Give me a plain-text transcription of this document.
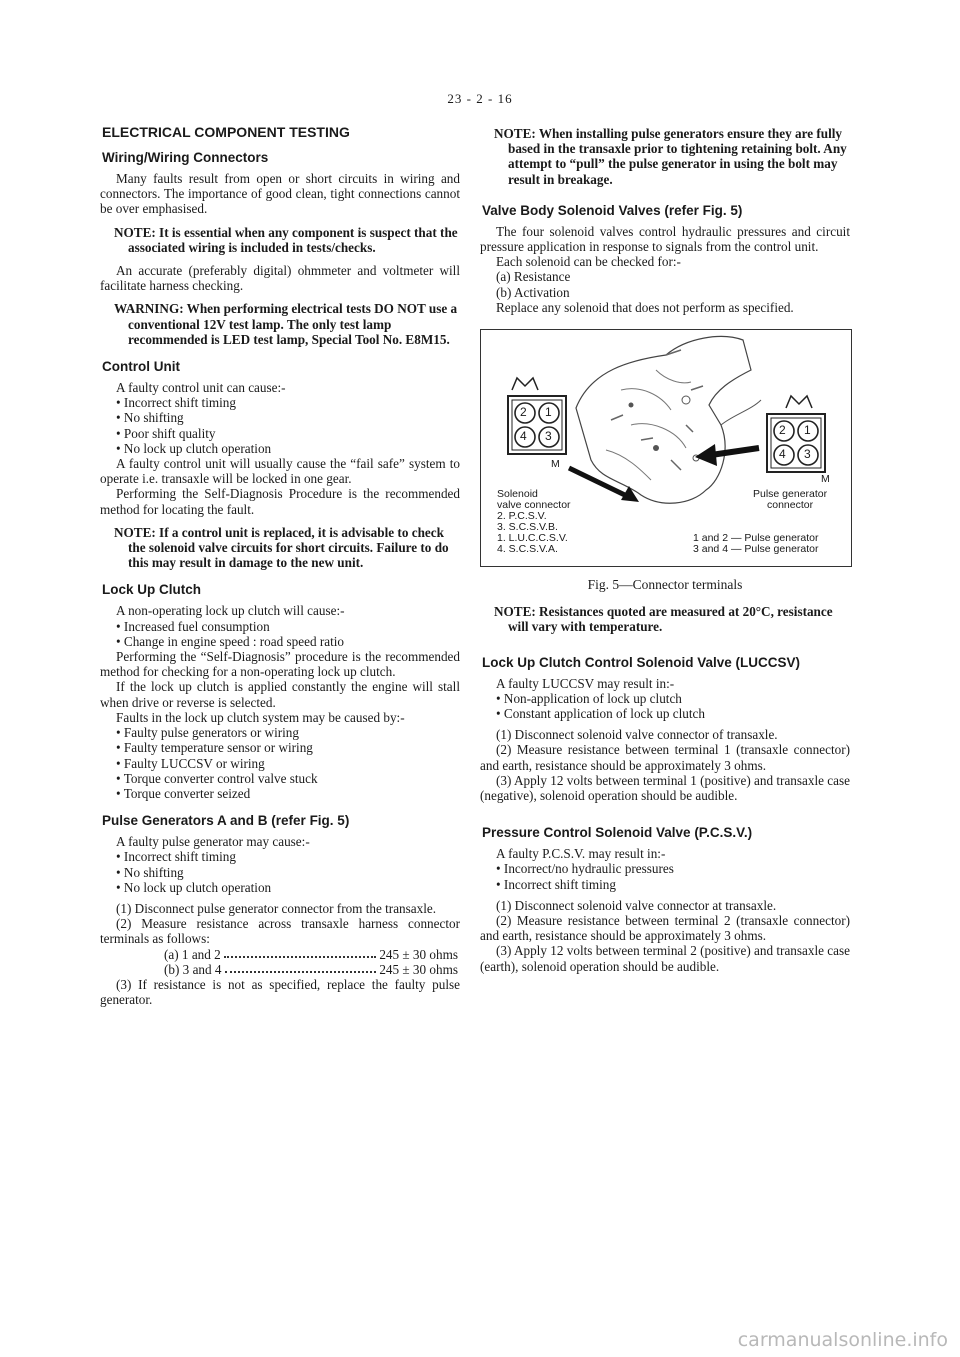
23 - 2 - 16
ELECTRICAL COMPONENT TESTING
Wiring/Wiring Connectors

Many faults result from open or short circuits in wiring and connectors. The importance of good clean, tight connections cannot be over emphasised.

NOTE: It is essential when any component is suspect that the associated wiring is included in tests/checks.

An accurate (preferably digital) ohmmeter and voltmeter will facilitate harness checking.

WARNING: When performing electrical tests DO NOT use a conventional 12V test lamp. The only test lamp recommended is LED test lamp, Special Tool No. E8M15.

Control Unit

A faulty control unit can cause:-

• Incorrect shift timing
• No shifting
• Poor shift quality
• No lock up clutch operation

A faulty control unit will usually cause the “fail safe” system to operate i.e. transaxle will be locked in one gear.

Performing the Self-Diagnosis Procedure is the recommended method for locating the fault.

NOTE: If a control unit is replaced, it is advisable to check the solenoid valve circuits for short circuits. Failure to do this may result in damage to the new unit.

Lock Up Clutch

A non-operating lock up clutch will cause:-

• Increased fuel consumption
• Change in engine speed : road speed ratio

Performing the “Self-Diagnosis” procedure is the recommended method for checking for a non-operating lock up clutch.

If the lock up clutch is applied constantly the engine will stall when drive or reverse is selected.

Faults in the lock up clutch system may be caused by:-

• Faulty pulse generators or wiring
• Faulty temperature sensor or wiring
• Faulty LUCCSV or wiring
• Torque converter control valve stuck
• Torque converter seized
Pulse Generators A and B (refer Fig. 5)

A faulty pulse generator may cause:-

• Incorrect shift timing
• No shifting
• No lock up clutch operation

(1) Disconnect pulse generator connector from the transaxle.

(2) Measure resistance across transaxle harness connector terminals as follows:

(a) 1 and 2	245 ± 30 ohms
(b) 3 and 4	245 ± 30 ohms

(3) If resistance is not as specified, replace the faulty pulse generator.

NOTE: When installing pulse generators ensure they are fully based in the transaxle prior to tightening retaining bolt. Any attempt to “pull” the pulse generator in using the bolt may result in breakage.

Valve Body Solenoid Valves (refer Fig. 5)

The four solenoid valves control hydraulic pressures and circuit pressure application in response to signals from the control unit.

Each solenoid can be checked for:-

(a) Resistance

(b) Activation

Replace any solenoid that does not perform as specified.

2 1
4 3	2 1
4 3
M
M
Solenoid
valve connector
2. P.C.S.V.
3. S.C.S.V.B.
1. L.U.C.C.S.V.
4. S.C.S.V.A.
Pulse generator
connector
1 and 2 — Pulse generator
3 and 4 — Pulse generator

Fig. 5—Connector terminals

NOTE: Resistances quoted are measured at 20°C, resistance will vary with temperature.

Lock Up Clutch Control Solenoid Valve (LUCCSV)

A faulty LUCCSV may result in:-

• Non-application of lock up clutch
• Constant application of lock up clutch

(1) Disconnect solenoid valve connector of transaxle.

(2) Measure resistance between terminal 1 (transaxle connector) and earth, resistance should be approximately 3 ohms.

(3) Apply 12 volts between terminal 1 (positive) and transaxle case (negative), solenoid operation should be audible.

Pressure Control Solenoid Valve (P.C.S.V.)

A faulty P.C.S.V. may result in:-

• Incorrect/no hydraulic pressures
• Incorrect shift timing

(1) Disconnect solenoid valve connector at transaxle.

(2) Measure resistance between terminal 2 (transaxle connector) and earth, resistance should be approximately 3 ohms.

(3) Apply 12 volts between terminal 2 (positive) and transaxle case (earth), solenoid operation should be audible.

carmanualsonline.info
